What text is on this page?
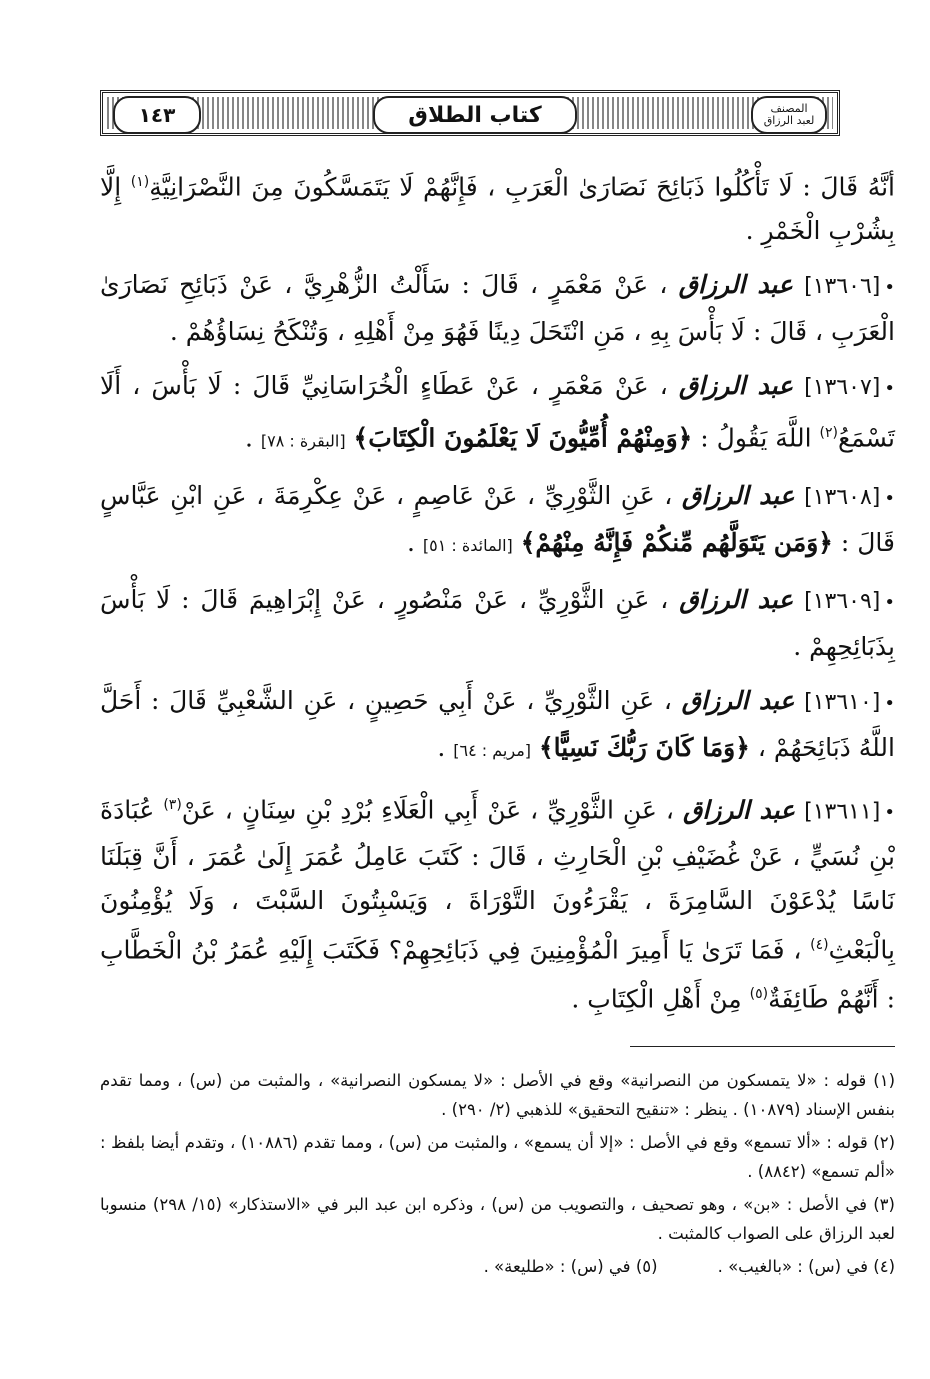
المصنف
لعبد الرزاق
كتاب الطلاق
١٤٣

أنَّهُ قَالَ : لَا تَأْكُلُوا ذَبَائِحَ نَصَارَىٰ الْعَرَبِ ، فَإِنَّهُمْ لَا يَتَمَسَّكُونَ مِنَ النَّصْرَانِيَّةِ$^{(١)}$ إِلَّا بِشُرْبِ الْخَمْرِ .

•[١٣٦٠٦] عبد الرزاق ، عَنْ مَعْمَرٍ ، قَالَ : سَأَلْتُ الزُّهْرِيَّ ، عَنْ ذَبَائِحِ نَصَارَىٰ الْعَرَبِ ، قَالَ : لَا بَأْسَ بِهِ ، مَنِ انْتَحَلَ دِينًا فَهُوَ مِنْ أَهْلِهِ ، وَتُنْكَحُ نِسَاؤُهُمْ .

•[١٣٦٠٧] عبد الرزاق ، عَنْ مَعْمَرٍ ، عَنْ عَطَاءٍ الْخُرَاسَانِيِّ قَالَ : لَا بَأْسَ ، أَلَا تَسْمَعُ$^{(٢)}$ اللَّهَ يَقُولُ : ﴿وَمِنْهُمْ أُمِّيُّونَ لَا يَعْلَمُونَ الْكِتَابَ﴾ [البقرة : ٧٨] .

•[١٣٦٠٨] عبد الرزاق ، عَنِ الثَّوْرِيِّ ، عَنْ عَاصِمٍ ، عَنْ عِكْرِمَةَ ، عَنِ ابْنِ عَبَّاسٍ قَالَ : ﴿وَمَن يَتَوَلَّهُم مِّنكُمْ فَإِنَّهُ مِنْهُمْ﴾ [المائدة : ٥١] .

•[١٣٦٠٩] عبد الرزاق ، عَنِ الثَّوْرِيِّ ، عَنْ مَنْصُورٍ ، عَنْ إِبْرَاهِيمَ قَالَ : لَا بَأْسَ بِذَبَائِحِهِمْ .

•[١٣٦١٠] عبد الرزاق ، عَنِ الثَّوْرِيِّ ، عَنْ أَبِي حَصِينٍ ، عَنِ الشَّعْبِيِّ قَالَ : أَحَلَّ اللَّهُ ذَبَائِحَهُمْ ، ﴿وَمَا كَانَ رَبُّكَ نَسِيًّا﴾ [مريم : ٦٤] .

•[١٣٦١١] عبد الرزاق ، عَنِ الثَّوْرِيِّ ، عَنْ أَبِي الْعَلَاءِ بُرْدِ بْنِ سِنَانٍ ، عَنْ$^{(٣)}$ عُبَادَةَ بْنِ نُسَيٍّ ، عَنْ غُضَيْفِ بْنِ الْحَارِثِ ، قَالَ : كَتَبَ عَامِلُ عُمَرَ إِلَىٰ عُمَرَ ، أَنَّ قِبَلَنَا نَاسًا يُدْعَوْنَ السَّامِرَةَ ، يَقْرَءُونَ التَّوْرَاةَ ، وَيَسْبِتُونَ السَّبْتَ ، وَلَا يُؤْمِنُونَ بِالْبَعْثِ$^{(٤)}$ ، فَمَا تَرَىٰ يَا أَمِيرَ الْمُؤْمِنِينَ فِي ذَبَائِحِهِمْ؟ فَكَتَبَ إِلَيْهِ عُمَرُ بْنُ الْخَطَّابِ : أَنَّهُمْ طَائِفَةٌ$^{(٥)}$ مِنْ أَهْلِ الْكِتَابِ .

(١) قوله : «لا يتمسكون من النصرانية» وقع في الأصل : «لا يمسكون النصرانية» ، والمثبت من (س) ، ومما تقدم بنفس الإسناد (١٠٨٧٩) . ينظر : «تنقيح التحقيق» للذهبي (٢/ ٢٩٠) .

(٢) قوله : «ألا تسمع» وقع في الأصل : «إلا أن يسمع» ، والمثبت من (س) ، ومما تقدم (١٠٨٨٦) ، وتقدم أيضا بلفظ : «ألم تسمع» (٨٨٤٢) .

(٣) في الأصل : «بن» ، وهو تصحيف ، والتصويب من (س) ، وذكره ابن عبد البر في «الاستذكار» (١٥/ ٢٩٨) منسوبا لعبد الرزاق على الصواب كالمثبت .

(٤) في (س) : «بالغيب» .
(٥) في (س) : «طليعة» .
